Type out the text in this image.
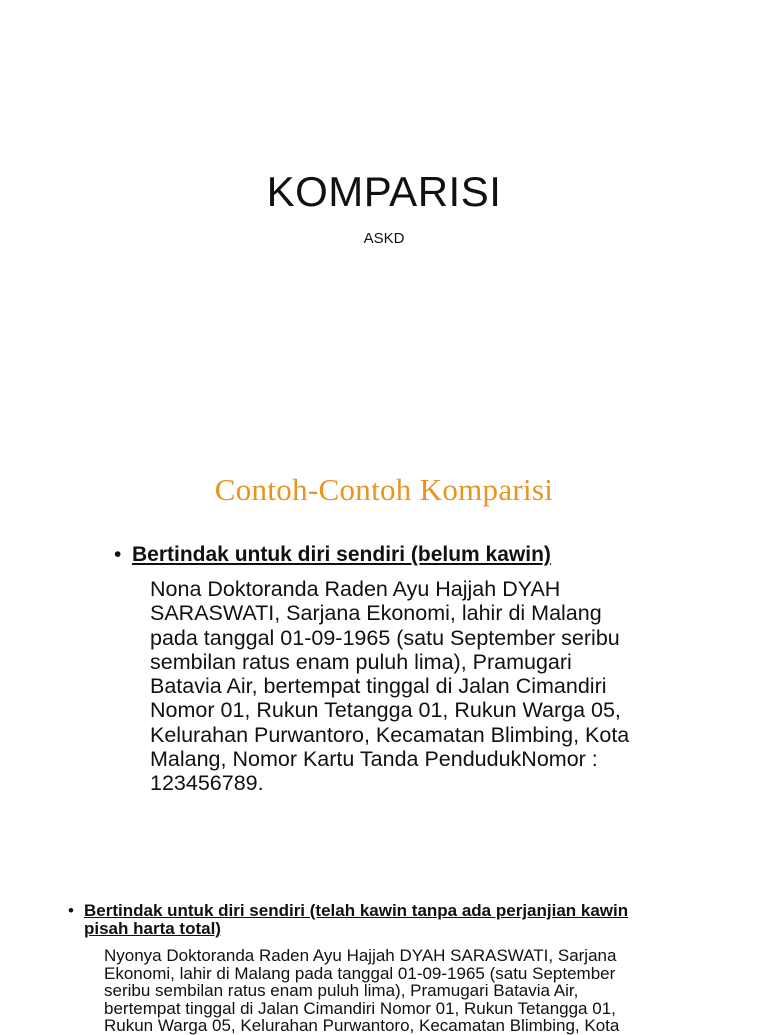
KOMPARISI
ASKD
Contoh-Contoh Komparisi
• Bertindak untuk diri sendiri (belum kawin)
Nona Doktoranda Raden Ayu Hajjah DYAH
SARASWATI, Sarjana Ekonomi, lahir di Malang
pada tanggal 01-09-1965 (satu September seribu
sembilan ratus enam puluh lima), Pramugari
Batavia Air, bertempat tinggal di Jalan Cimandiri
Nomor 01, Rukun Tetangga 01, Rukun Warga 05,
Kelurahan Purwantoro, Kecamatan Blimbing, Kota
Malang, Nomor Kartu Tanda PendudukNomor :
123456789.
• Bertindak untuk diri sendiri (telah kawin tanpa ada perjanjian kawin
pisah harta total)
Nyonya Doktoranda Raden Ayu Hajjah DYAH SARASWATI, Sarjana
Ekonomi, lahir di Malang pada tanggal 01-09-1965 (satu September
seribu sembilan ratus enam puluh lima), Pramugari Batavia Air,
bertempat tinggal di Jalan Cimandiri Nomor 01, Rukun Tetangga 01,
Rukun Warga 05, Kelurahan Purwantoro, Kecamatan Blimbing, Kota
